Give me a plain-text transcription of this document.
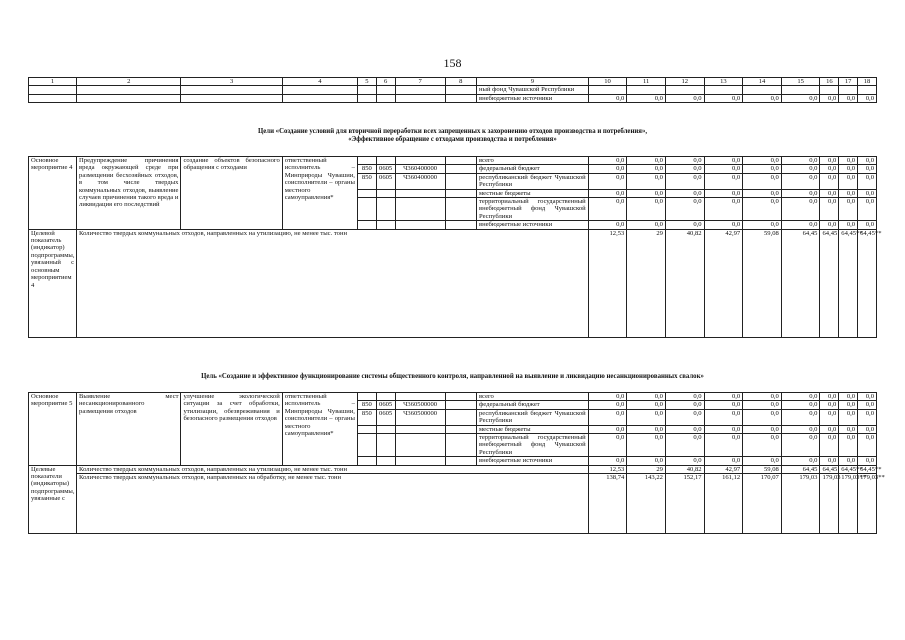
158
1	2	3	4	5	6	7	8	9	10	11	12	13	14	15	16	17	18
								ный фонд Чувашской Республики									
								внебюджетные источники	0,0	0,0	0,0	0,0	0,0	0,0	0,0	0,0	0,0
Цели «Создание условий для вторичной переработки всех запрещенных к захоронению отходов производства и потребления»,
«Эффективное обращение с отходами производства и потребления»
Основное мероприятие 4	Предупреждение причинения вреда окружающей среде при размещении бесхозяйных отходов, в том числе твердых коммунальных отходов, выявление случаев причинения такого вреда и ликвидация его последствий	создание объектов безопасного обращения с отходами	ответственный исполнитель – Минприроды Чувашии, соисполнители – органы местного самоуправления*					всего	0,0	0,0	0,0	0,0	0,0	0,0	0,0	0,0	0,0
				850	0605	Ч360400000		федеральный бюджет	0,0	0,0	0,0	0,0	0,0	0,0	0,0	0,0	0,0
				850	0605	Ч360400000		республиканский бюджет Чувашской Республики	0,0	0,0	0,0	0,0	0,0	0,0	0,0	0,0	0,0
								местные бюджеты	0,0	0,0	0,0	0,0	0,0	0,0	0,0	0,0	0,0
								территориальный государственный внебюджетный фонд Чувашской Республики	0,0	0,0	0,0	0,0	0,0	0,0	0,0	0,0	0,0
								внебюджетные источники	0,0	0,0	0,0	0,0	0,0	0,0	0,0	0,0	0,0
Целевой показатель (индикатор) подпрограммы, увязанный с основным мероприятием 4	Количество твердых коммунальных отходов, направленных на утилизацию, не менее тыс. тонн								12,53	29	40,82	42,97	59,08	64,45	64,45	64,45**	64,45**
Цель «Создание и эффективное функционирование системы общественного контроля, направленной на выявление и ликвидацию несанкционированных свалок»
Основное мероприятие 5	Выявление мест несанкционированного размещения отходов	улучшение экологической ситуации за счет обработки, утилизации, обезвреживания и безопасного размещения отходов	ответственный исполнитель – Минприроды Чувашии, соисполнители – органы местного самоуправления*					всего	0,0	0,0	0,0	0,0	0,0	0,0	0,0	0,0	0,0
				850	0605	Ч360500000		федеральный бюджет	0,0	0,0	0,0	0,0	0,0	0,0	0,0	0,0	0,0
				850	0605	Ч360500000		республиканский бюджет Чувашской Республики	0,0	0,0	0,0	0,0	0,0	0,0	0,0	0,0	0,0
								местные бюджеты	0,0	0,0	0,0	0,0	0,0	0,0	0,0	0,0	0,0
								территориальный государственный внебюджетный фонд Чувашской Республики	0,0	0,0	0,0	0,0	0,0	0,0	0,0	0,0	0,0
								внебюджетные источники	0,0	0,0	0,0	0,0	0,0	0,0	0,0	0,0	0,0
Целевые показатели (индикаторы) подпрограммы, увязанные с	Количество твердых коммунальных отходов, направленных на утилизацию, не менее тыс. тонн								12,53	29	40,82	42,97	59,08	64,45	64,45	64,45**	64,45**
	Количество твердых коммунальных отходов, направленных на обработку, не менее тыс. тонн								138,74	143,22	152,17	161,12	170,07	179,03	179,03	179,03**	179,03**
